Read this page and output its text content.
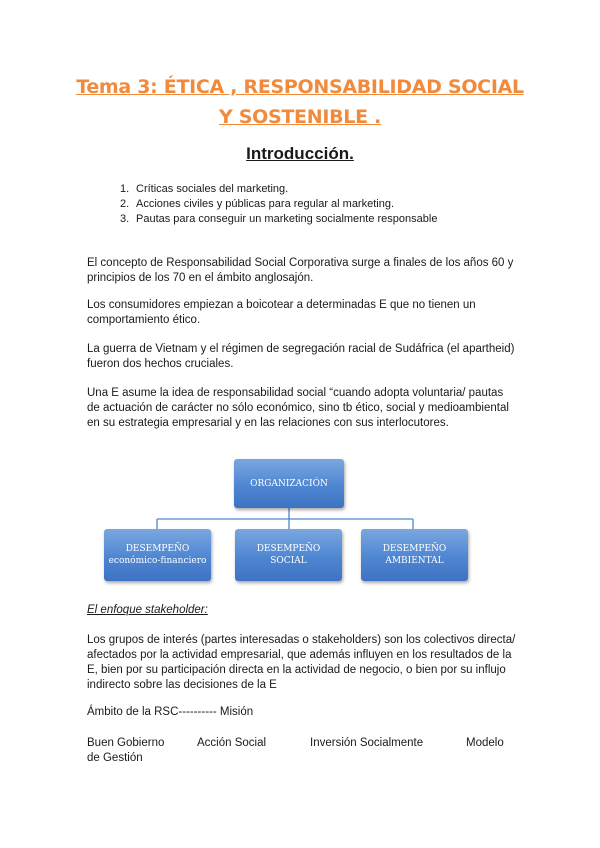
Tema 3: ÉTICA , RESPONSABILIDAD SOCIAL
Y SOSTENIBLE .
Introducción.
1. Críticas sociales del marketing.
2. Acciones civiles y públicas para regular al marketing.
3. Pautas para conseguir un marketing socialmente responsable

El concepto de Responsabilidad Social Corporativa surge a finales de los años 60 y principios de los 70 en el ámbito anglosajón.

Los consumidores empiezan a boicotear a determinadas E que no tienen un comportamiento ético.

La guerra de Vietnam y el régimen de segregación racial de Sudáfrica (el apartheid) fueron dos hechos cruciales.

Una E asume la idea de responsabilidad social “cuando adopta voluntaria/ pautas de actuación de carácter no sólo económico, sino tb ético, social y medioambiental en su estrategia empresarial y en las relaciones con sus interlocutores.

ORGANIZACIÓN
DESEMPEÑO
económico-financiero
DESEMPEÑO SOCIAL
DESEMPEÑO
AMBIENTAL

El enfoque stakeholder:

Los grupos de interés (partes interesadas o stakeholders) son los colectivos directa/ afectados por la actividad empresarial, que además influyen en los resultados de la E, bien por su participación directa en la actividad de negocio, o bien por su influjo indirecto sobre las decisiones de la E

Ámbito de la RSC---------- Misión

Buen Gobierno	Acción Social	Inversión Socialmente	Modelo
de Gestión
